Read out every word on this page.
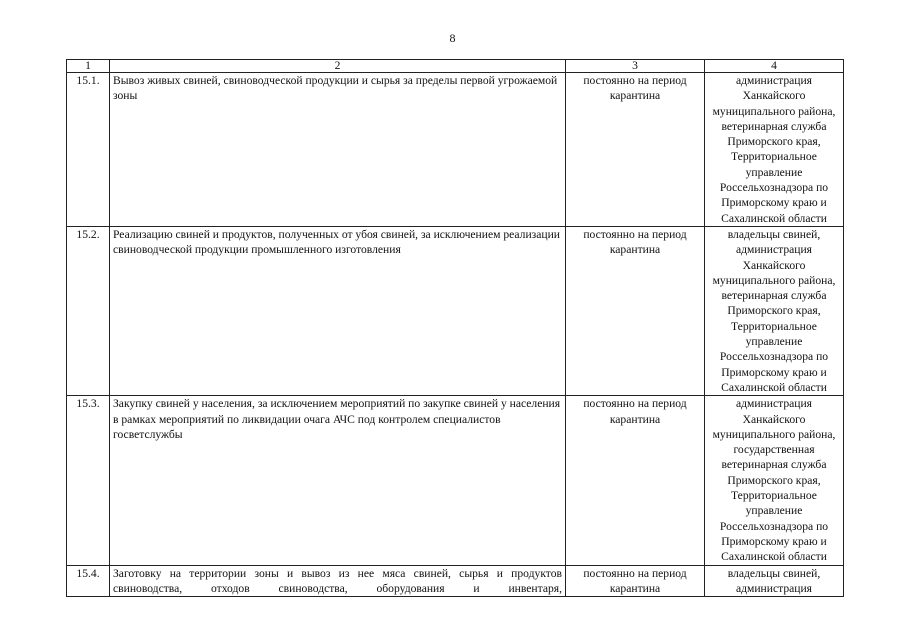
8
1	2	3	4
15.1.	Вывоз живых свиней, свиноводческой продукции и сырья за пределы первой угрожаемой зоны	постоянно на период карантина	администрация Ханкайского муниципального района, ветеринарная служба Приморского края, Территориальное управление Россельхознадзора по Приморскому краю и Сахалинской области
15.2.	Реализацию свиней и продуктов, полученных от убоя свиней, за исключением реализации свиноводческой продукции промышленного изготовления	постоянно на период карантина	владельцы свиней, администрация Ханкайского муниципального района, ветеринарная служба Приморского края, Территориальное управление Россельхознадзора по Приморскому краю и Сахалинской области
15.3.	Закупку свиней у населения, за исключением мероприятий по закупке свиней у населения в рамках мероприятий по ликвидации очага АЧС под контролем специалистов госветслужбы	постоянно на период карантина	администрация Ханкайского муниципального района, государственная ветеринарная служба Приморского края, Территориальное управление Россельхознадзора по Приморскому краю и Сахалинской области
15.4.	Заготовку на территории зоны и вывоз из нее мяса свиней, сырья и продуктов свиноводства, отходов свиноводства, оборудования и инвентаря,	постоянно на период карантина	владельцы свиней, администрация
